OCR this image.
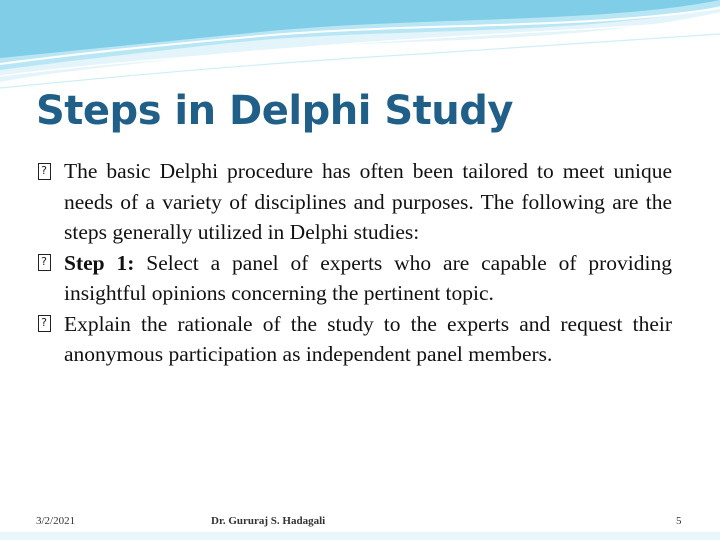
Steps in Delphi Study
? The basic Delphi procedure has often been tailored to meet unique needs of a variety of disciplines and purposes. The following are the steps generally utilized in Delphi studies:
? Step 1: Select a panel of experts who are capable of providing insightful opinions concerning the pertinent topic.
? Explain the rationale of the study to the experts and request their anonymous participation as independent panel members.
3/2/2021	Dr. Gururaj S. Hadagali	5
